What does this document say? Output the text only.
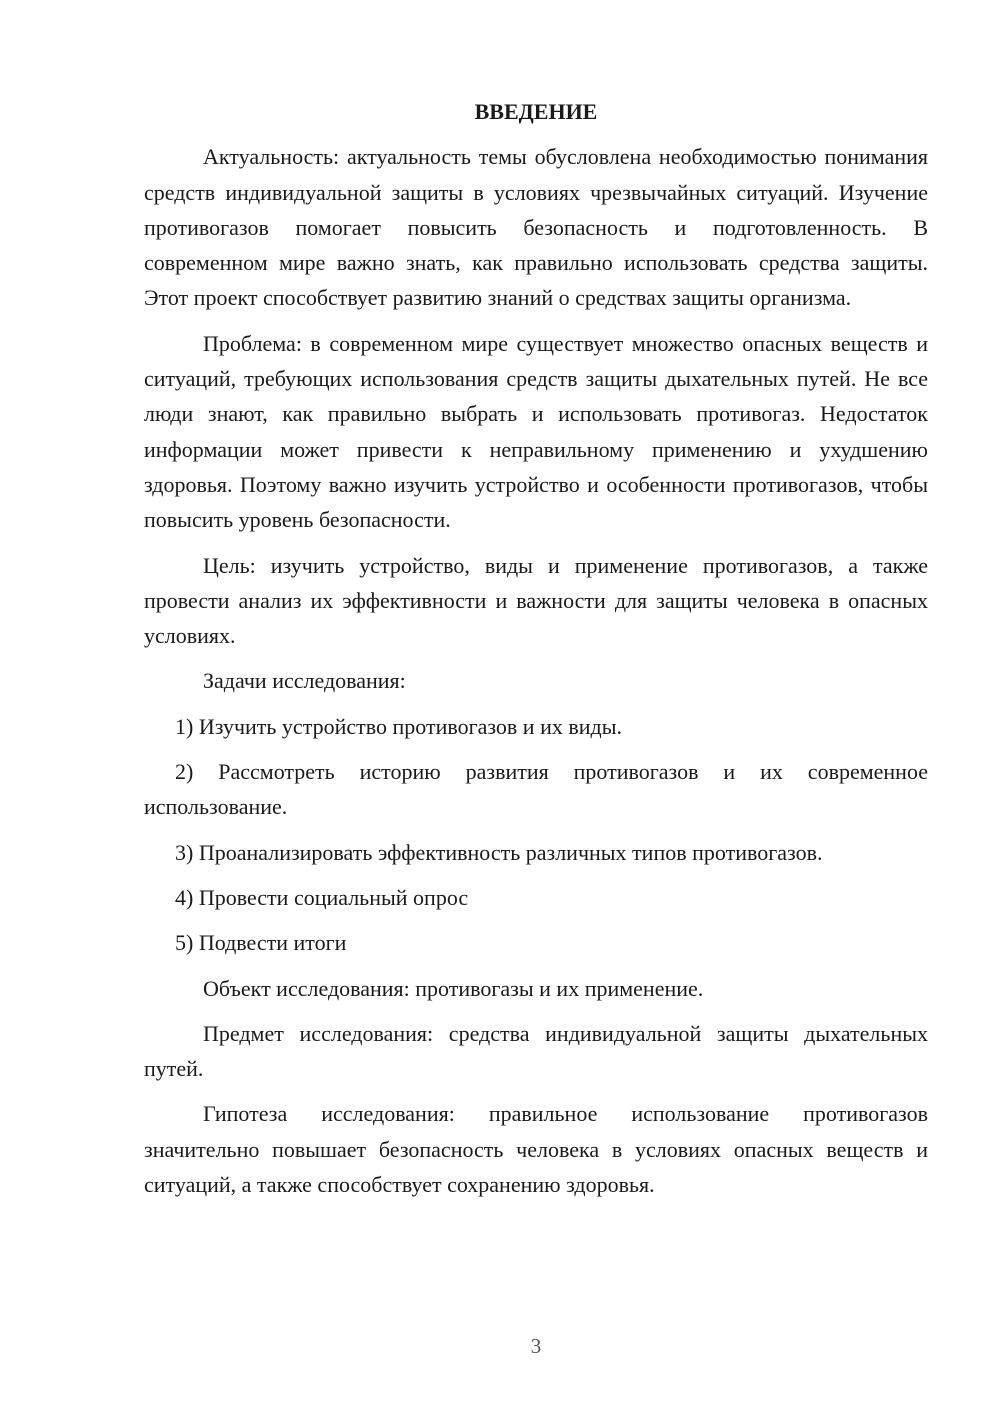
ВВЕДЕНИЕ

Актуальность: актуальность темы обусловлена необходимостью понимания средств индивидуальной защиты в условиях чрезвычайных ситуаций. Изучение противогазов помогает повысить безопасность и подготовленность. В современном мире важно знать, как правильно использовать средства защиты. Этот проект способствует развитию знаний о средствах защиты организма.

Проблема: в современном мире существует множество опасных веществ и ситуаций, требующих использования средств защиты дыхательных путей. Не все люди знают, как правильно выбрать и использовать противогаз. Недостаток информации может привести к неправильному применению и ухудшению здоровья. Поэтому важно изучить устройство и особенности противогазов, чтобы повысить уровень безопасности.

Цель: изучить устройство, виды и применение противогазов, а также провести анализ их эффективности и важности для защиты человека в опасных условиях.

Задачи исследования:

1) Изучить устройство противогазов и их виды.

2) Рассмотреть историю развития противогазов и их современное использование.

3) Проанализировать эффективность различных типов противогазов.

4) Провести социальный опрос

5) Подвести итоги

Объект исследования: противогазы и их применение.

Предмет исследования: средства индивидуальной защиты дыхательных путей.

Гипотеза исследования: правильное использование противогазов значительно повышает безопасность человека в условиях опасных веществ и ситуаций, а также способствует сохранению здоровья.

3
